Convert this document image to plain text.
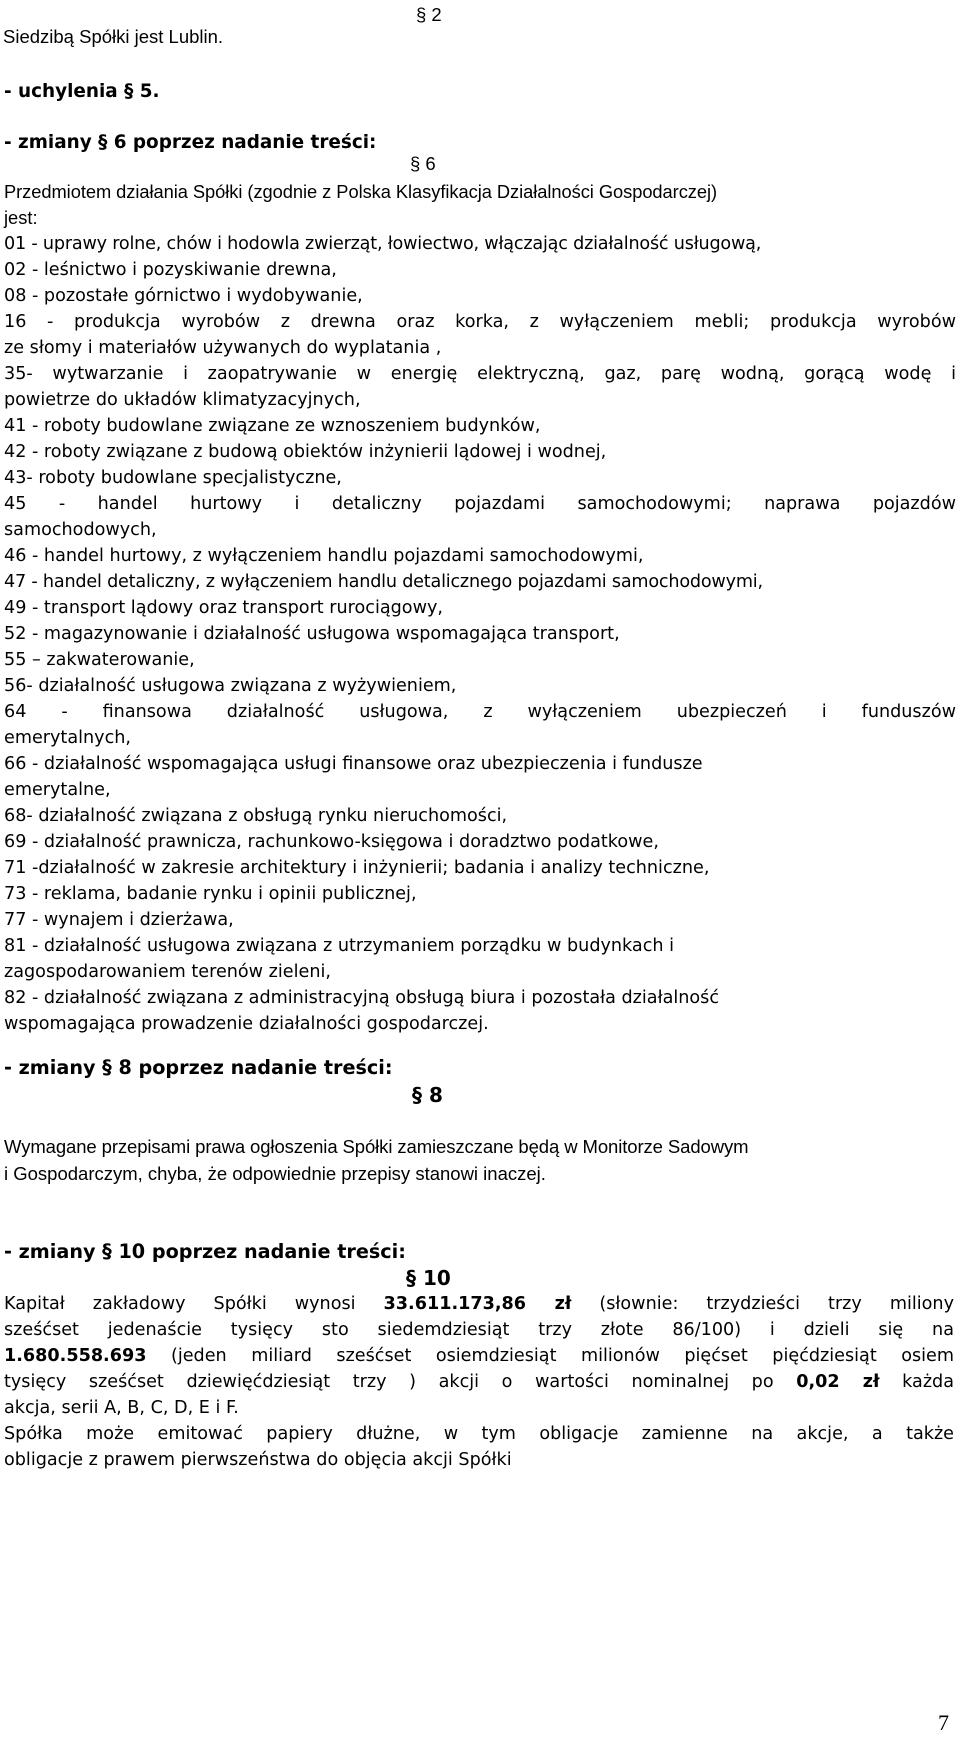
Siedzibą Spółki jest Lublin.
§ 2
- uchylenia § 5.
- zmiany § 6 poprzez nadanie treści:
§ 6
Przedmiotem działania Spółki (zgodnie z Polska Klasyfikacja Działalności Gospodarczej)
jest:
01 - uprawy rolne, chów i hodowla zwierząt, łowiectwo, włączając działalność usługową,
02 - leśnictwo i pozyskiwanie drewna,
08 - pozostałe górnictwo i wydobywanie,
16 - produkcja wyrobów z drewna oraz korka, z wyłączeniem mebli; produkcja wyrobów
ze słomy i materiałów używanych do wyplatania ,
35- wytwarzanie i zaopatrywanie w energię elektryczną, gaz, parę wodną, gorącą wodę i
powietrze do układów klimatyzacyjnych,
41 - roboty budowlane związane ze wznoszeniem budynków,
42 - roboty związane z budową obiektów inżynierii lądowej i wodnej,
43- roboty budowlane specjalistyczne,
45 - handel hurtowy i detaliczny pojazdami samochodowymi; naprawa pojazdów
samochodowych,
46 - handel hurtowy, z wyłączeniem handlu pojazdami samochodowymi,
47 - handel detaliczny, z wyłączeniem handlu detalicznego pojazdami samochodowymi,
49 - transport lądowy oraz transport rurociągowy,
52 - magazynowanie i działalność usługowa wspomagająca transport,
55 – zakwaterowanie,
56- działalność usługowa związana z wyżywieniem,
64 - finansowa działalność usługowa, z wyłączeniem ubezpieczeń i funduszów
emerytalnych,
66 - działalność wspomagająca usługi finansowe oraz ubezpieczenia i fundusze
emerytalne,
68- działalność związana z obsługą rynku nieruchomości,
69 - działalność prawnicza, rachunkowo-księgowa i doradztwo podatkowe,
71 -działalność w zakresie architektury i inżynierii; badania i analizy techniczne,
73 - reklama, badanie rynku i opinii publicznej,
77 - wynajem i dzierżawa,
81 - działalność usługowa związana z utrzymaniem porządku w budynkach i
zagospodarowaniem terenów zieleni,
82 - działalność związana z administracyjną obsługą biura i pozostała działalność
wspomagająca prowadzenie działalności gospodarczej.
- zmiany § 8 poprzez nadanie treści:
§ 8
Wymagane przepisami prawa ogłoszenia Spółki zamieszczane będą w Monitorze Sadowym
i Gospodarczym, chyba, że odpowiednie przepisy stanowi inaczej.
- zmiany § 10 poprzez nadanie treści:
§ 10
Kapitał zakładowy Spółki wynosi 33.611.173,86 zł (słownie: trzydzieści trzy miliony
sześćset jedenaście tysięcy sto siedemdziesiąt trzy złote 86/100) i dzieli się na
1.680.558.693 (jeden miliard sześćset osiemdziesiąt milionów pięćset pięćdziesiąt osiem
tysięcy sześćset dziewięćdziesiąt trzy ) akcji o wartości nominalnej po 0,02 zł każda
akcja, serii A, B, C, D, E i F.
Spółka może emitować papiery dłużne, w tym obligacje zamienne na akcje, a także
obligacje z prawem pierwszeństwa do objęcia akcji Spółki
7
